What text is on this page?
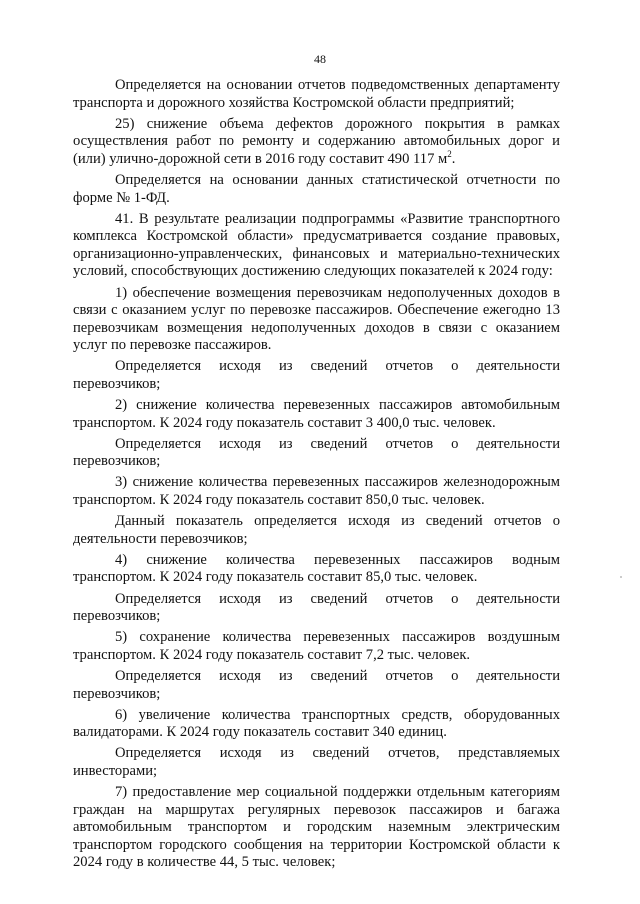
48

Определяется на основании отчетов подведомственных департаменту транспорта и дорожного хозяйства Костромской области предприятий;

25) снижение объема дефектов дорожного покрытия в рамках осуществления работ по ремонту и содержанию автомобильных дорог и (или) улично-дорожной сети в 2016 году составит 490 117 $м^2$.

Определяется на основании данных статистической отчетности по форме № 1-ФД.

41. В результате реализации подпрограммы «Развитие транспортного комплекса Костромской области» предусматривается создание правовых, организационно-управленческих, финансовых и материально-технических условий, способствующих достижению следующих показателей к 2024 году:

1) обеспечение возмещения перевозчикам недополученных доходов в связи с оказанием услуг по перевозке пассажиров. Обеспечение ежегодно 13 перевозчикам возмещения недополученных доходов в связи с оказанием услуг по перевозке пассажиров.

Определяется исходя из сведений отчетов о деятельности перевозчиков;

2) снижение количества перевезенных пассажиров автомобильным транспортом. К 2024 году показатель составит 3 400,0 тыс. человек.

Определяется исходя из сведений отчетов о деятельности перевозчиков;

3) снижение количества перевезенных пассажиров железнодорожным транспортом. К 2024 году показатель составит 850,0 тыс. человек.

Данный показатель определяется исходя из сведений отчетов о деятельности перевозчиков;

4) снижение количества перевезенных пассажиров водным транспортом. К 2024 году показатель составит 85,0 тыс. человек.

Определяется исходя из сведений отчетов о деятельности перевозчиков;

5) сохранение количества перевезенных пассажиров воздушным транспортом. К 2024 году показатель составит 7,2 тыс. человек.

Определяется исходя из сведений отчетов о деятельности перевозчиков;

6) увеличение количества транспортных средств, оборудованных валидаторами. К 2024 году показатель составит 340 единиц.

Определяется исходя из сведений отчетов, представляемых инвесторами;

7) предоставление мер социальной поддержки отдельным категориям граждан на маршрутах регулярных перевозок пассажиров и багажа автомобильным транспортом и городским наземным электрическим транспортом городского сообщения на территории Костромской области к 2024 году в количестве 44, 5 тыс. человек;
